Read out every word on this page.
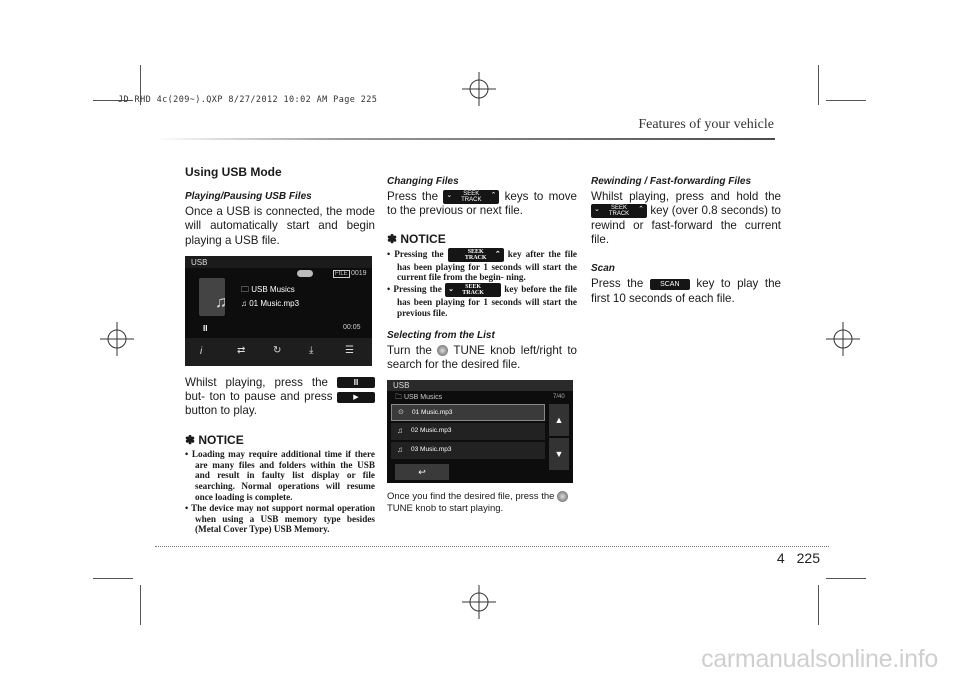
JD RHD 4c(209~).QXP 8/27/2012 10:02 AM Page 225
Features of your vehicle
Using USB Mode
Playing/Pausing USB Files

Once a USB is connected, the mode will automatically start and begin playing a USB file.

USB
FILE 0019
♫
🗀 USB Musics
♫ 01 Music.mp3
II	00:05
i	⇄	↻	⤓	☰

Whilst playing, press the	II but- ton to pause and press	▶ button to play.

✽ NOTICE
• Loading may require additional time if there are many files and folders within the USB and result in faulty list display or file searching. Normal operations will resume once loading is complete.
• The device may not support normal operation when using a USB memory type besides (Metal Cover Type) USB Memory.
Changing Files

Press the ⌄	SEEK
TRACK
⌃ keys to move to the previous or next file.

✽ NOTICE
• Pressing the	SEEK
TRACK	⌃ key after the file has been playing for 1 seconds will start the current file from the begin- ning.
• Pressing the ⌄	SEEK
TRACK	key before the file has been playing for 1 seconds will start the previous file.
Selecting from the List

Turn the TUNE knob left/right to search for the desired file.

USB
🗀 USB Musics	7/40
⊙ 01 Music.mp3
♫ 02 Music.mp3
♫ 03 Music.mp3
▲
▼
↩

Once you find the desired file, press the TUNE knob to start playing.

Rewinding / Fast-forwarding Files

Whilst playing, press and hold the
⌄	SEEK
TRACK
⌃ key (over 0.8 seconds) to rewind or fast-forward the current file.

Scan

Press the SCAN key to play the first 10 seconds of each file.

4 225
carmanualsonline.info
